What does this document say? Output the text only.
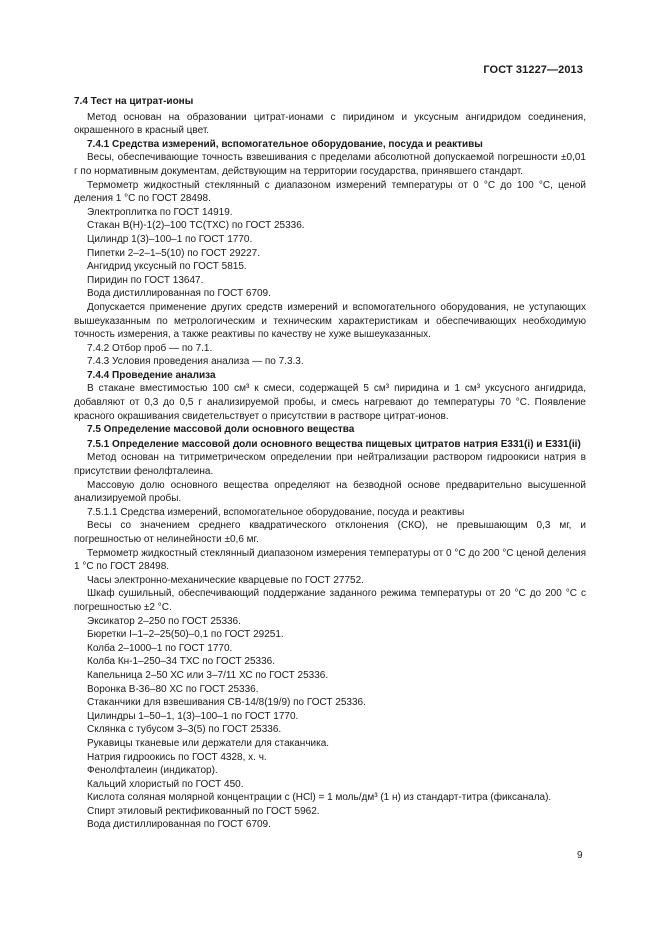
ГОСТ 31227—2013

7.4 Тест на цитрат-ионы

Метод основан на образовании цитрат-ионами с пиридином и уксусным ангидридом соединения, окрашенного в красный цвет.

7.4.1 Средства измерений, вспомогательное оборудование, посуда и реактивы

Весы, обеспечивающие точность взвешивания с пределами абсолютной допускаемой погрешности ±0,01 г по нормативным документам, действующим на территории государства, принявшего стандарт.

Термометр жидкостный стеклянный с диапазоном измерений температуры от 0 °С до 100 °С, ценой деления 1 °С по ГОСТ 28498.

Электроплитка по ГОСТ 14919.

Стакан В(Н)-1(2)–100 ТС(ТХС) по ГОСТ 25336.

Цилиндр 1(3)–100–1 по ГОСТ 1770.

Пипетки 2–2–1–5(10) по ГОСТ 29227.

Ангидрид уксусный по ГОСТ 5815.

Пиридин по ГОСТ 13647.

Вода дистиллированная по ГОСТ 6709.

Допускается применение других средств измерений и вспомогательного оборудования, не уступающих вышеуказанным по метрологическим и техническим характеристикам и обеспечивающих необходимую точность измерения, а также реактивы по качеству не хуже вышеуказанных.

7.4.2 Отбор проб — по 7.1.

7.4.3 Условия проведения анализа — по 7.3.3.

7.4.4 Проведение анализа

В стакане вместимостью 100 см³ к смеси, содержащей 5 см³ пиридина и 1 см³ уксусного ангидрида, добавляют от 0,3 до 0,5 г анализируемой пробы, и смесь нагревают до температуры 70 °С. Появление красного окрашивания свидетельствует о присутствии в растворе цитрат-ионов.

7.5 Определение массовой доли основного вещества

7.5.1 Определение массовой доли основного вещества пищевых цитратов натрия Е331(i) и Е331(ii)

Метод основан на титриметрическом определении при нейтрализации раствором гидроокиси натрия в присутствии фенолфталеина.

Массовую долю основного вещества определяют на безводной основе предварительно высушенной анализируемой пробы.

7.5.1.1 Средства измерений, вспомогательное оборудование, посуда и реактивы

Весы со значением среднего квадратического отклонения (СКО), не превышающим 0,3 мг, и погрешностью от нелинейности ±0,6 мг.

Термометр жидкостный стеклянный диапазоном измерения температуры от 0 °С до 200 °С ценой деления 1 °С по ГОСТ 28498.

Часы электронно-механические кварцевые по ГОСТ 27752.

Шкаф сушильный, обеспечивающий поддержание заданного режима температуры от 20 °С до 200 °С с погрешностью ±2 °С.

Эксикатор 2–250 по ГОСТ 25336.

Бюретки I–1–2–25(50)–0,1 по ГОСТ 29251.

Колба 2–1000–1 по ГОСТ 1770.

Колба Кн-1–250–34 ТХС по ГОСТ 25336.

Капельница 2–50 ХС или 3–7/11 ХС по ГОСТ 25336.

Воронка В-36–80 ХС по ГОСТ 25336.

Стаканчики для взвешивания СВ-14/8(19/9) по ГОСТ 25336.

Цилиндры 1–50–1, 1(3)–100–1 по ГОСТ 1770.

Склянка с тубусом 3–3(5) по ГОСТ 25336.

Рукавицы тканевые или держатели для стаканчика.

Натрия гидроокись по ГОСТ 4328, х. ч.

Фенолфталеин (индикатор).

Кальций хлористый по ГОСТ 450.

Кислота соляная молярной концентрации c (HCl) = 1 моль/дм³ (1 н) из стандарт-титра (фиксанала).

Спирт этиловый ректификованный по ГОСТ 5962.

Вода дистиллированная по ГОСТ 6709.

9
